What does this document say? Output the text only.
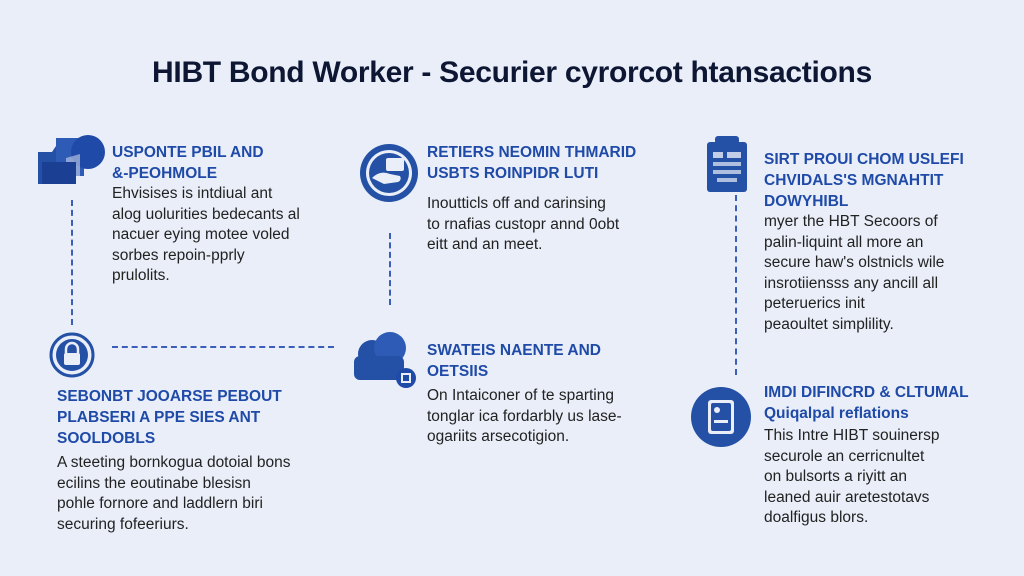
HIBT Bond Worker - Securier cyrorcot htansactions
USPONTE PBIL AND
&-PEOHMOLE
Ehvisises is intdiual ant
alog uolurities bedecants al
nacuer eying motee voled
sorbes repoin-pprly
prulolits.
RETIERS NEOMIN THMARID
USBTS ROINPIDR LUTI
Inoutticls off and carinsing
to rnafias custopr annd 0obt
eitt and an meet.
SIRT PROUI CHOM USLEFI
CHVIDALS'S MGNAHTIT
DOWYHIBL
myer the HBT Secoors of
palin-liquint all more an
secure haw's olstnicls wile
insrotiiensss any ancill all
peteruerics init
peaoultet simplility.
SEBONBT JOOARSE PEBOUT
PLABSERI A PPE SIES ANT
SOOLDOBLS
A steeting bornkogua dotoial bons
ecilins the eoutinabe blesisn
pohle fornore and laddlern biri
securing fofeeriurs.
SWATEIS NAENTE AND
OETSIIS
On Intaiconer of te sparting
tonglar ica fordarbly us lase-
ogariits arsecotigion.
IMDI DIFINCRD & CLTUMAL
Quiqalpal reflations
This Intre HIBT souinersp
securole an cerricnultet
on bulsorts a riyitt an
leaned auir aretestotavs
doalfigus blors.
